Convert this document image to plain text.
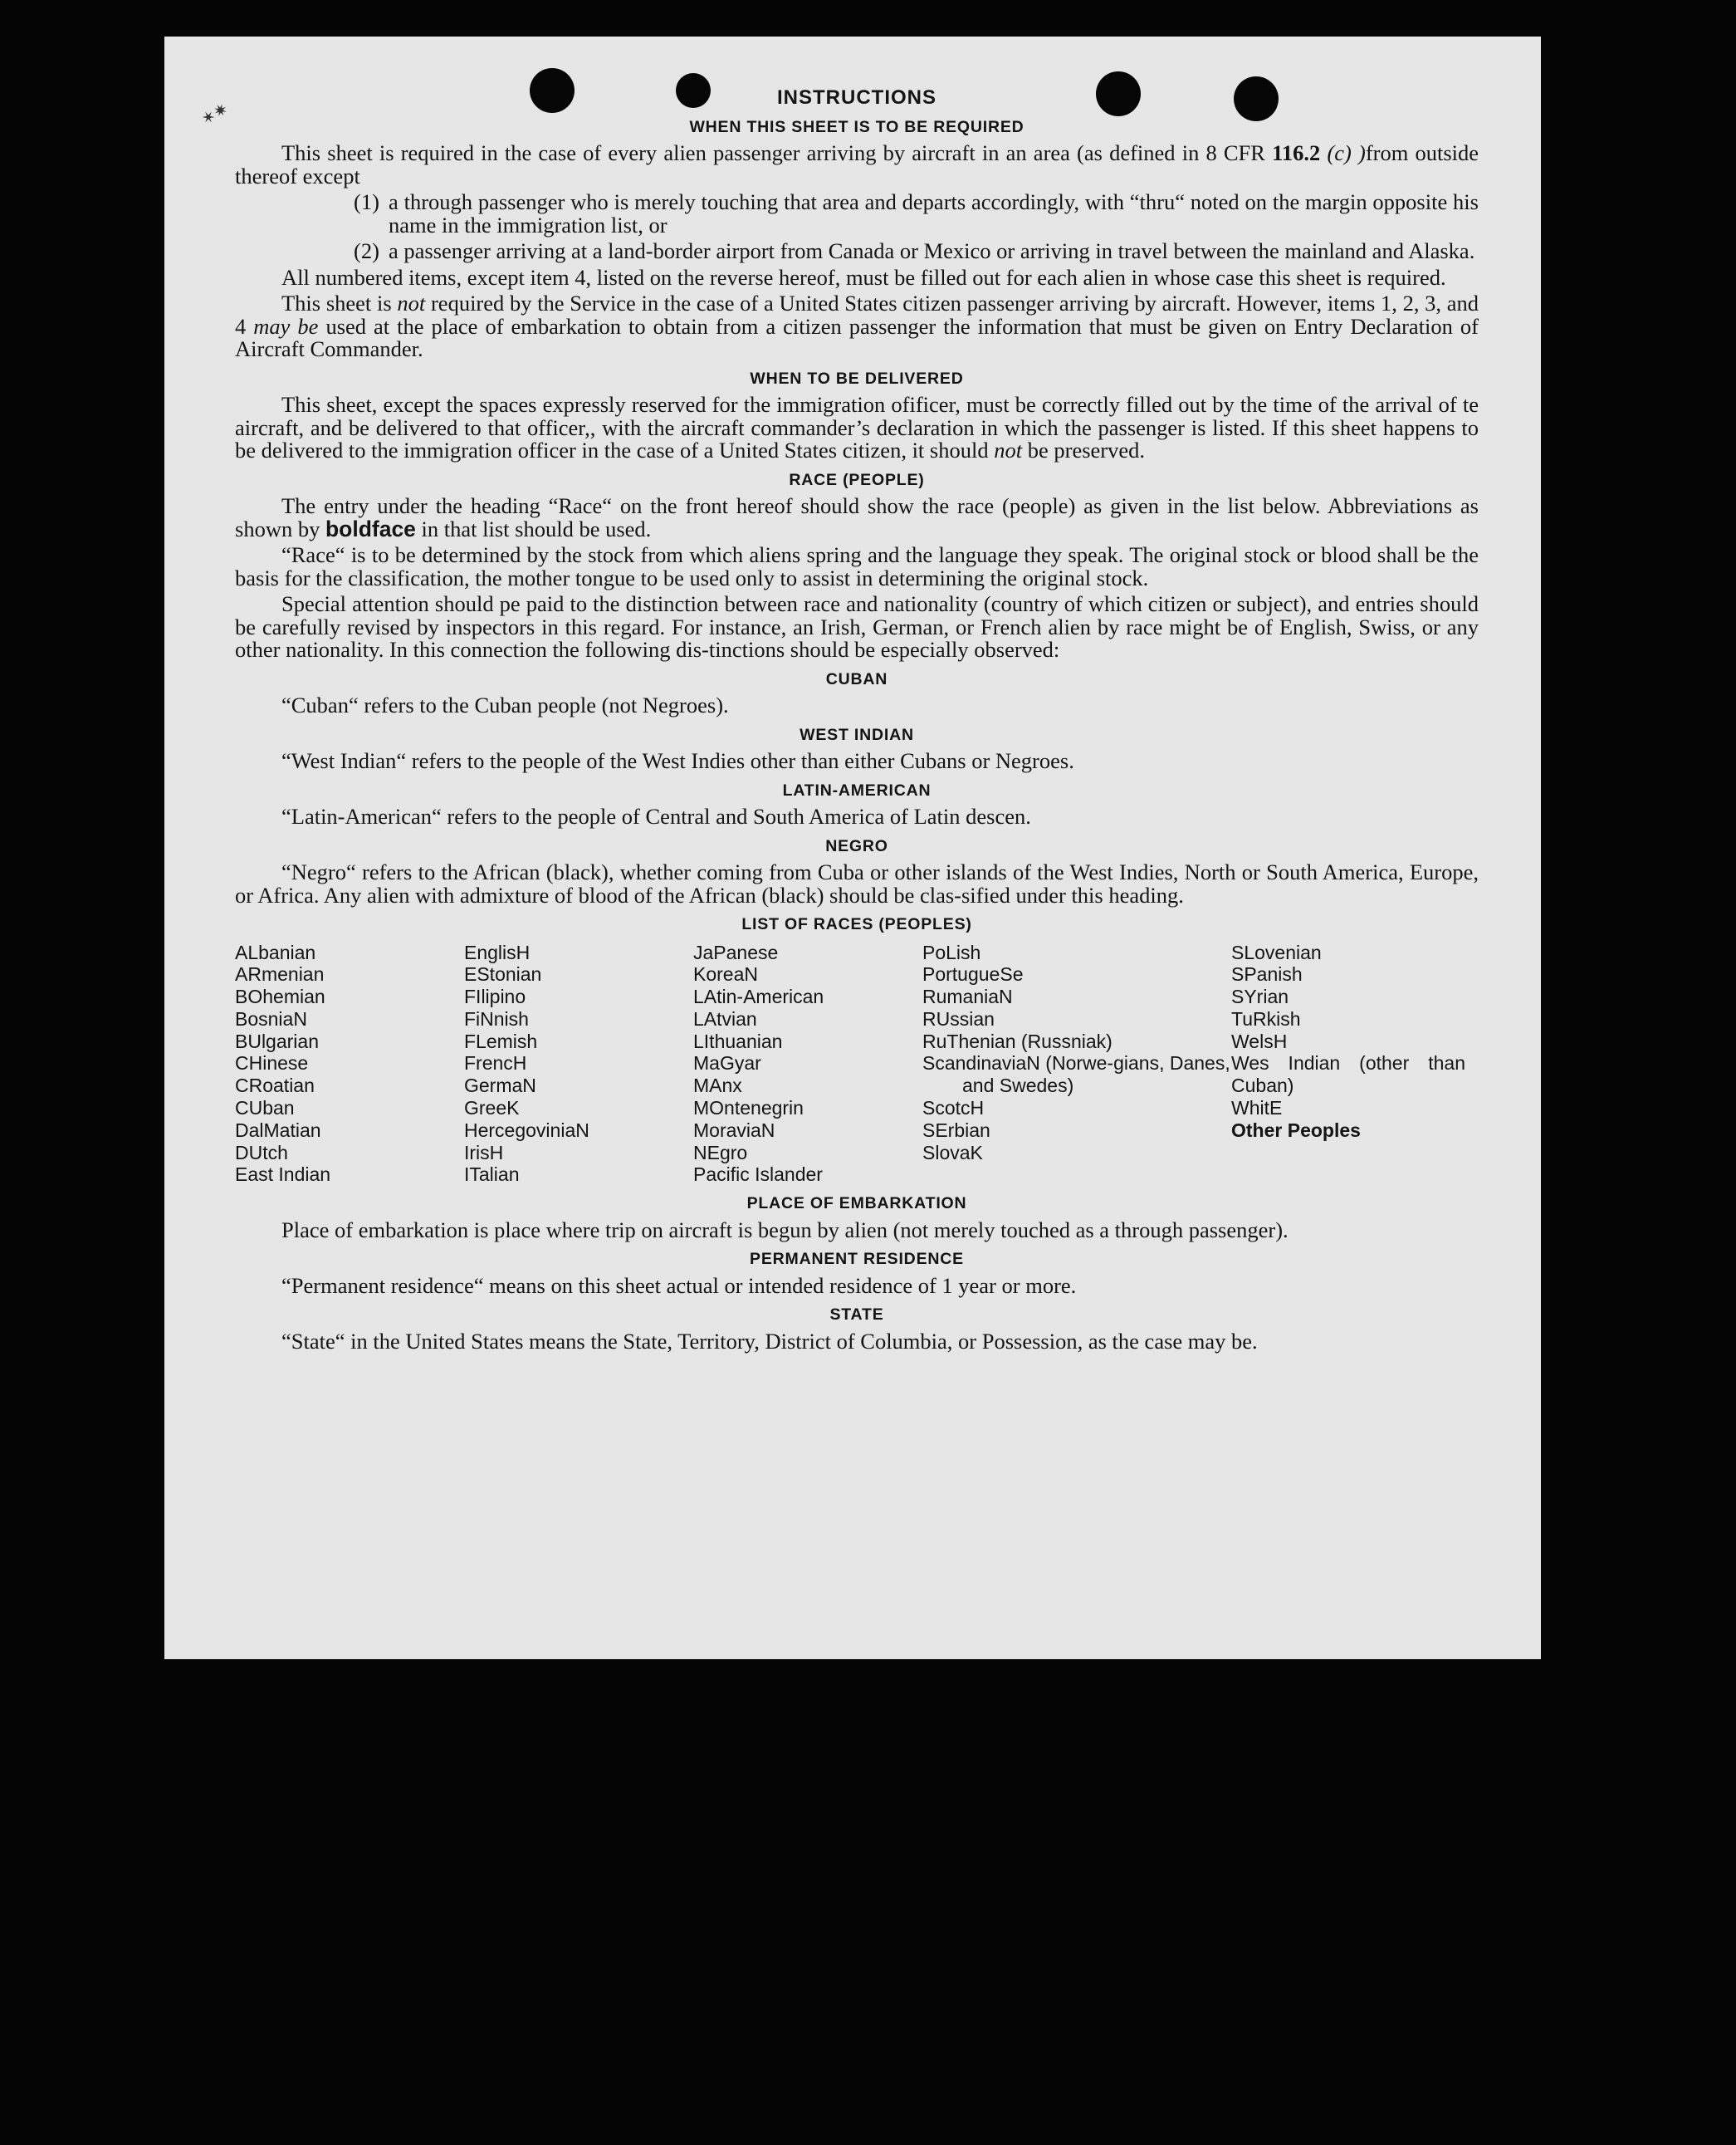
✶✷
INSTRUCTIONS
WHEN THIS SHEET IS TO BE REQUIRED

This sheet is required in the case of every alien passenger arriving by aircraft in an area (as defined in 8 CFR 116.2 (c) )from outside thereof except

(1) a through passenger who is merely touching that area and departs accordingly, with “thru“ noted on the margin opposite his name in the immigration list, or
(2) a passenger arriving at a land-border airport from Canada or Mexico or arriving in travel between the mainland and Alaska.

All numbered items, except item 4, listed on the reverse hereof, must be filled out for each alien in whose case this sheet is required.

This sheet is not required by the Service in the case of a United States citizen passenger arriving by aircraft. However, items 1, 2, 3, and 4 may be used at the place of embarkation to obtain from a citizen passenger the information that must be given on Entry Declaration of Aircraft Commander.

WHEN TO BE DELIVERED

This sheet, except the spaces expressly reserved for the immigration ofificer, must be correctly filled out by the time of the arrival of te aircraft, and be delivered to that officer,, with the aircraft commander’s declaration in which the passenger is listed. If this sheet happens to be delivered to the immigration officer in the case of a United States citizen, it should not be preserved.

RACE (PEOPLE)

The entry under the heading “Race“ on the front hereof should show the race (people) as given in the list below. Abbreviations as shown by boldface in that list should be used.

“Race“ is to be determined by the stock from which aliens spring and the language they speak. The original stock or blood shall be the basis for the classification, the mother tongue to be used only to assist in determining the original stock.

Special attention should pe paid to the distinction between race and nationality (country of which citizen or subject), and entries should be carefully revised by inspectors in this regard. For instance, an Irish, German, or French alien by race might be of English, Swiss, or any other nationality. In this connection the following dis-tinctions should be especially observed:

CUBAN

“Cuban“ refers to the Cuban people (not Negroes).

WEST INDIAN

“West Indian“ refers to the people of the West Indies other than either Cubans or Negroes.

LATIN-AMERICAN

“Latin-American“ refers to the people of Central and South America of Latin descen.

NEGRO

“Negro“ refers to the African (black), whether coming from Cuba or other islands of the West Indies, North or South America, Europe, or Africa. Any alien with admixture of blood of the African (black) should be clas-sified under this heading.

LIST OF RACES (PEOPLES)
ALbanian
ARmenian
BOhemian
BosniaN
BUlgarian
CHinese
CRoatian
CUban
DalMatian
DUtch
East Indian
EnglisH
EStonian
FIlipino
FiNnish
FLemish
FrencH
GermaN
GreeK
HercegoviniaN
IrisH
ITalian
JaPanese
KoreaN
LAtin-American
LAtvian
LIthuanian
MaGyar
MAnx
MOntenegrin
MoraviaN
NEgro
Pacific Islander
PoLish
PortugueSe
RumaniaN
RUssian
RuThenian (Russniak)
ScandinaviaN (Norwe-gians, Danes, and Swedes)
ScotcH
SErbian
SlovaK
SLovenian
SPanish
SYrian
TuRkish
WelsH
Wes Indian (other than Cuban)
WhitE
Other Peoples
PLACE OF EMBARKATION

Place of embarkation is place where trip on aircraft is begun by alien (not merely touched as a through passenger).

PERMANENT RESIDENCE

“Permanent residence“ means on this sheet actual or intended residence of 1 year or more.

STATE

“State“ in the United States means the State, Territory, District of Columbia, or Possession, as the case may be.
